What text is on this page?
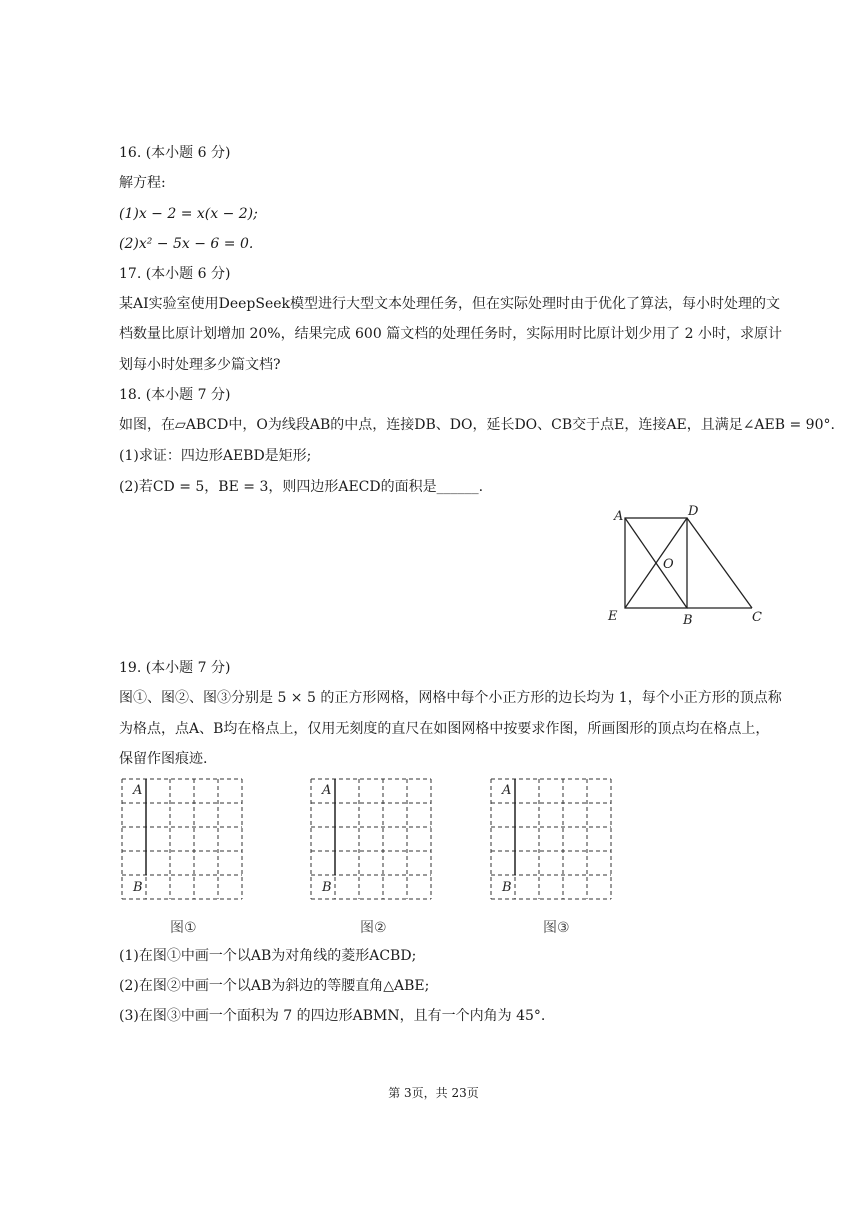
16. (本小题 6 分)
解方程:
(1)x − 2 = x(x − 2);
(2)x² − 5x − 6 = 0.
17. (本小题 6 分)
某AI实验室使用DeepSeek模型进行大型文本处理任务，但在实际处理时由于优化了算法，每小时处理的文
档数量比原计划增加 20%，结果完成 600 篇文档的处理任务时，实际用时比原计划少用了 2 小时，求原计
划每小时处理多少篇文档?
18. (本小题 7 分)
如图，在▱ABCD中，O为线段AB的中点，连接DB、DO，延长DO、CB交于点E，连接AE，且满足∠AEB = 90°.
(1)求证：四边形AEBD是矩形;
(2)若CD = 5，BE = 3，则四边形AECD的面积是______.
A	D
O
E	B	C
19. (本小题 7 分)
图①、图②、图③分别是 5 × 5 的正方形网格，网格中每个小正方形的边长均为 1，每个小正方形的顶点称
为格点，点A、B均在格点上，仅用无刻度的直尺在如图网格中按要求作图，所画图形的顶点均在格点上，
保留作图痕迹.
A
B
A
B
A
B
图①	图②	图③
(1)在图①中画一个以AB为对角线的菱形ACBD;
(2)在图②中画一个以AB为斜边的等腰直角△ABE;
(3)在图③中画一个面积为 7 的四边形ABMN，且有一个内角为 45°.
第 3页，共 23页
